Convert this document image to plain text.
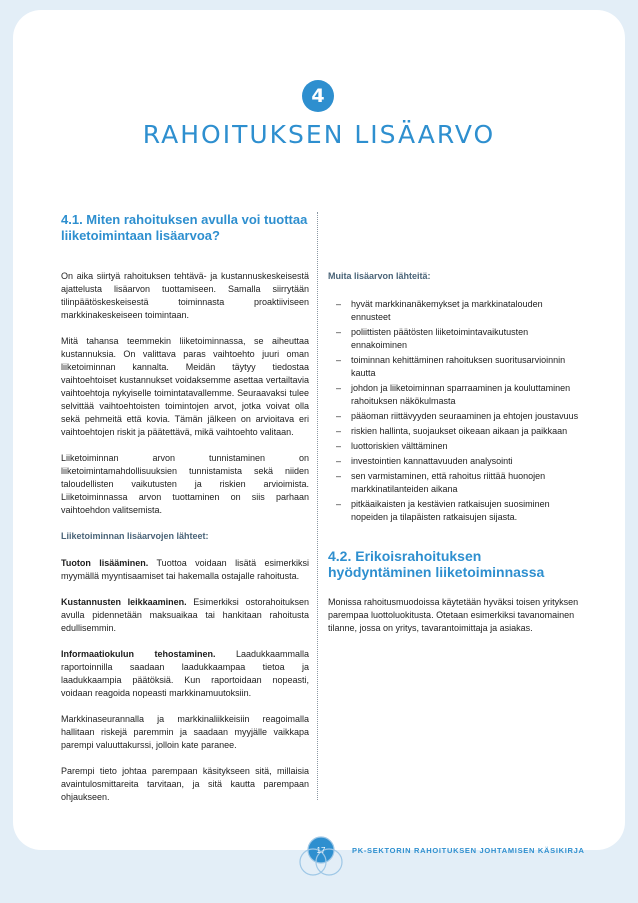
4
RAHOITUKSEN LISÄARVO
4.1. Miten rahoituksen avulla voi tuottaa liiketoimintaan lisäarvoa?

On aika siirtyä rahoituksen tehtävä- ja kustannuskeskeisestä ajattelusta lisäarvon tuottamiseen. Samalla siirrytään tilinpäätöskeskeisestä toiminnasta proaktiiviseen markkinakeskeiseen toimintaan.

Mitä tahansa teemmekin liiketoiminnassa, se aiheuttaa kustannuksia. On valittava paras vaihtoehto juuri oman liiketoiminnan kannalta. Meidän täytyy tiedostaa vaihtoehtoiset kustannukset voidaksemme asettaa vertailtavia vaihtoehtoja nykyiselle toimintatavallemme. Seuraavaksi tulee selvittää vaihtoehtoisten toimintojen arvot, jotka voivat olla sekä pehmeitä että kovia. Tämän jälkeen on arvioitava eri vaihtoehtojen riskit ja päätettävä, mikä vaihtoehto valitaan.

Liiketoiminnan arvon tunnistaminen on liiketoimintamahdollisuuksien tunnistamista sekä niiden taloudellisten vaikutusten ja riskien arvioimista. Liiketoiminnassa arvon tuottaminen on siis parhaan vaihtoehdon valitsemista.

Liiketoiminnan lisäarvojen lähteet:

Tuoton lisääminen. Tuottoa voidaan lisätä esimerkiksi myymällä myyntisaamiset tai hakemalla ostajalle rahoitusta.

Kustannusten leikkaaminen. Esimerkiksi ostorahoituksen avulla pidennetään maksuaikaa tai hankitaan rahoitusta edullisemmin.

Informaatiokulun tehostaminen. Laadukkaammalla raportoinnilla saadaan laadukkaampaa tietoa ja laadukkaampia päätöksiä. Kun raportoidaan nopeasti, voidaan reagoida nopeasti markkinamuutoksiin.

Markkinaseurannalla ja markkinaliikkeisiin reagoimalla hallitaan riskejä paremmin ja saadaan myyjälle vaikkapa parempi valuuttakurssi, jolloin kate paranee.

Parempi tieto johtaa parempaan käsitykseen sitä, millaisia avaintulosmittareita tarvitaan, ja sitä kautta parempaan ohjaukseen.

Muita lisäarvon lähteitä:

– hyvät markkinanäkemykset ja markkinatalouden ennusteet
– poliittisten päätösten liiketoimintavaikutusten ennakoiminen
– toiminnan kehittäminen rahoituksen suoritusarvioinnin kautta
– johdon ja liiketoiminnan sparraaminen ja kouluttaminen rahoituksen näkökulmasta
– pääoman riittävyyden seuraaminen ja ehtojen joustavuus
– riskien hallinta, suojaukset oikeaan aikaan ja paikkaan
– luottoriskien välttäminen
– investointien kannattavuuden analysointi
– sen varmistaminen, että rahoitus riittää huonojen markkinatilanteiden aikana
– pitkäaikaisten ja kestävien ratkaisujen suosiminen nopeiden ja tilapäisten ratkaisujen sijasta.
4.2. Erikoisrahoituksen hyödyntäminen liiketoiminnassa

Monissa rahoitusmuodoissa käytetään hyväksi toisen yrityksen parempaa luottoluokitusta. Otetaan esimerkiksi tavanomainen tilanne, jossa on yritys, tavarantoimittaja ja asiakas.

17	PK-SEKTORIN RAHOITUKSEN JOHTAMISEN KÄSIKIRJA
